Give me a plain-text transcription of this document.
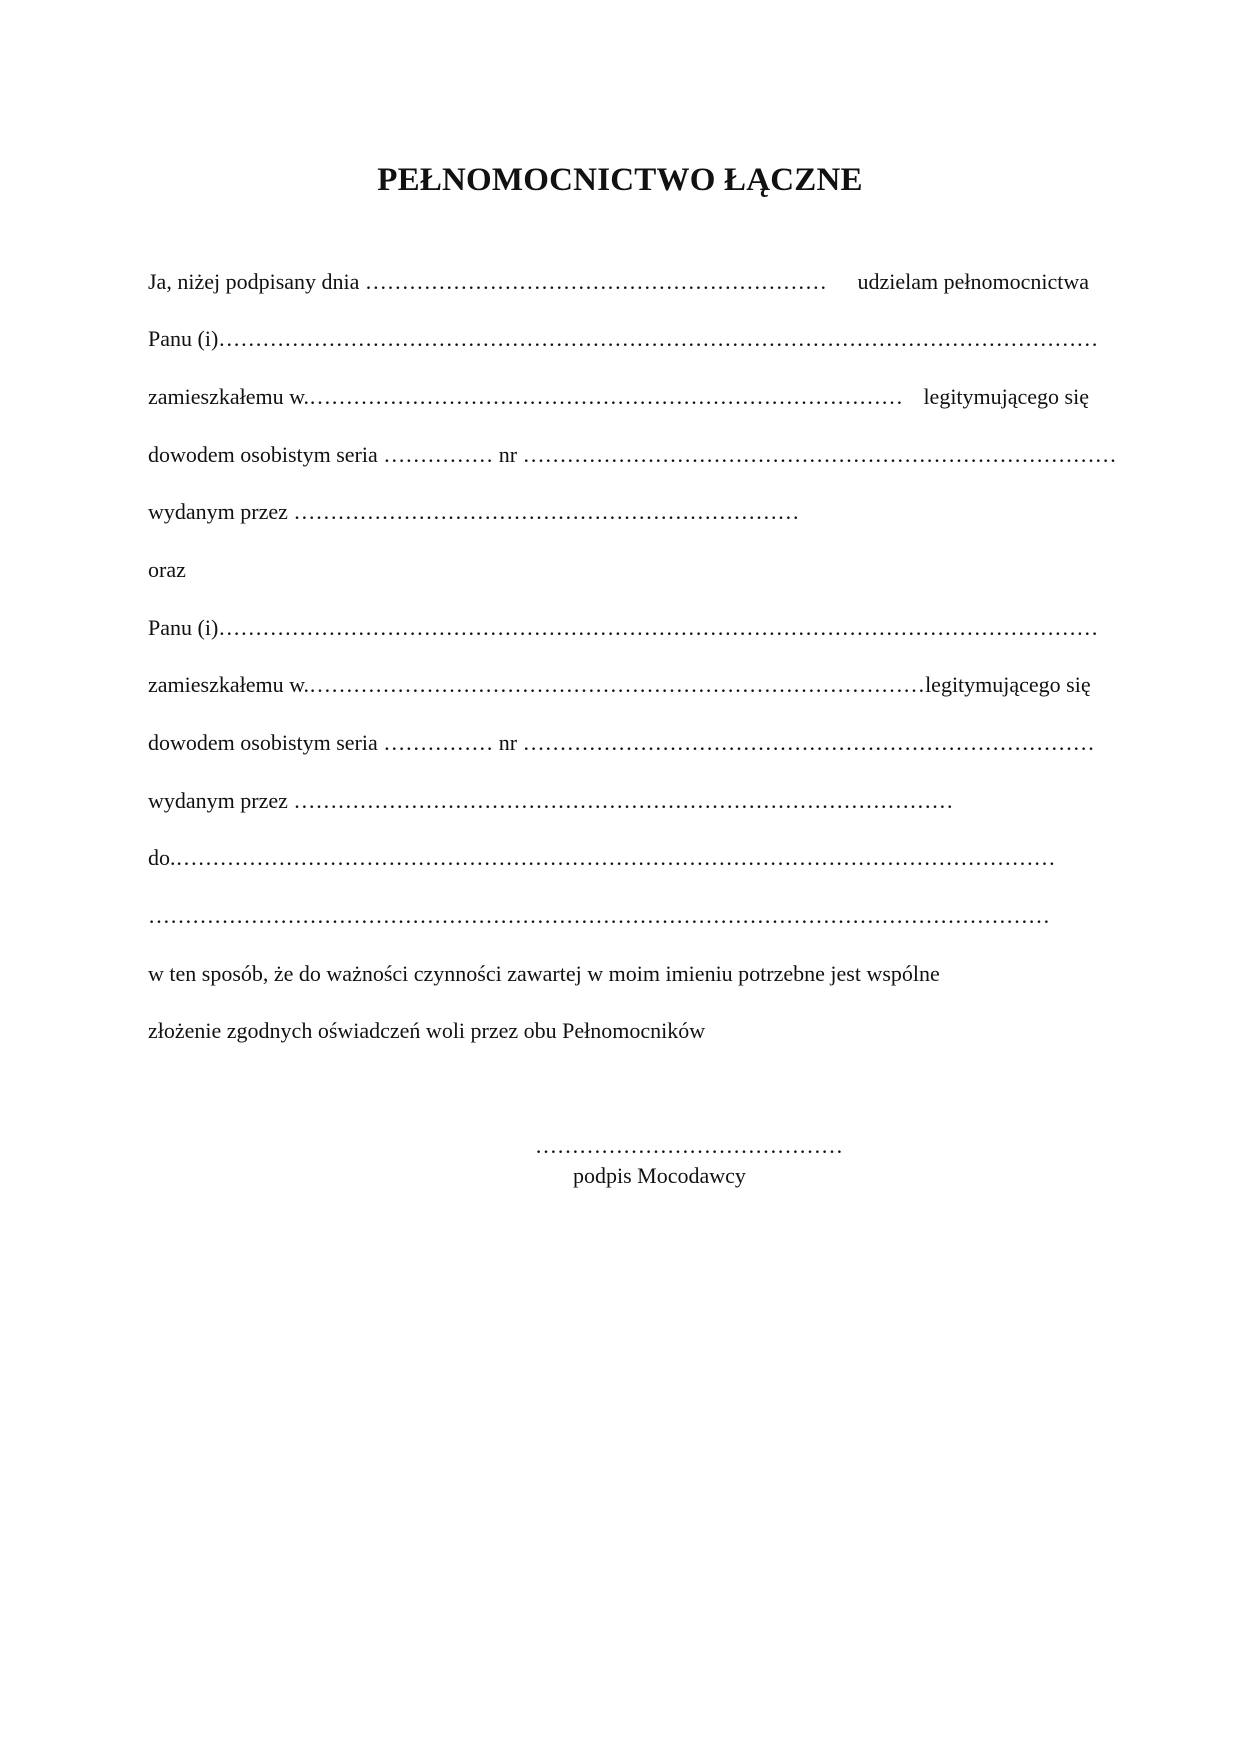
PEŁNOMOCNICTWO ŁĄCZNE
Ja, niżej podpisany dnia ……………………………………………………… udzielam pełnomocnictwa
Panu (i)…………………………………………………………………………………………………………
zamieszkałemu w.……………………………………………………………………… legitymującego się
dowodem osobistym seria …………… nr ………………………………………………………………………
wydanym przez ……………………………………………………………
oraz
Panu (i)…………………………………………………………………………………………………………
zamieszkałemu w.………………………………………………………………………… legitymującego się
dowodem osobistym seria …………… nr ……………………………………………………………………
wydanym przez ………………………………………………………………………………
do.…………………………………………………………………………………………………………
……………………………………………………………………………………………………………
w ten sposób, że do ważności czynności zawartej w moim imieniu potrzebne jest wspólne
złożenie zgodnych oświadczeń woli przez obu Pełnomocników
……………………………………
podpis Mocodawcy
